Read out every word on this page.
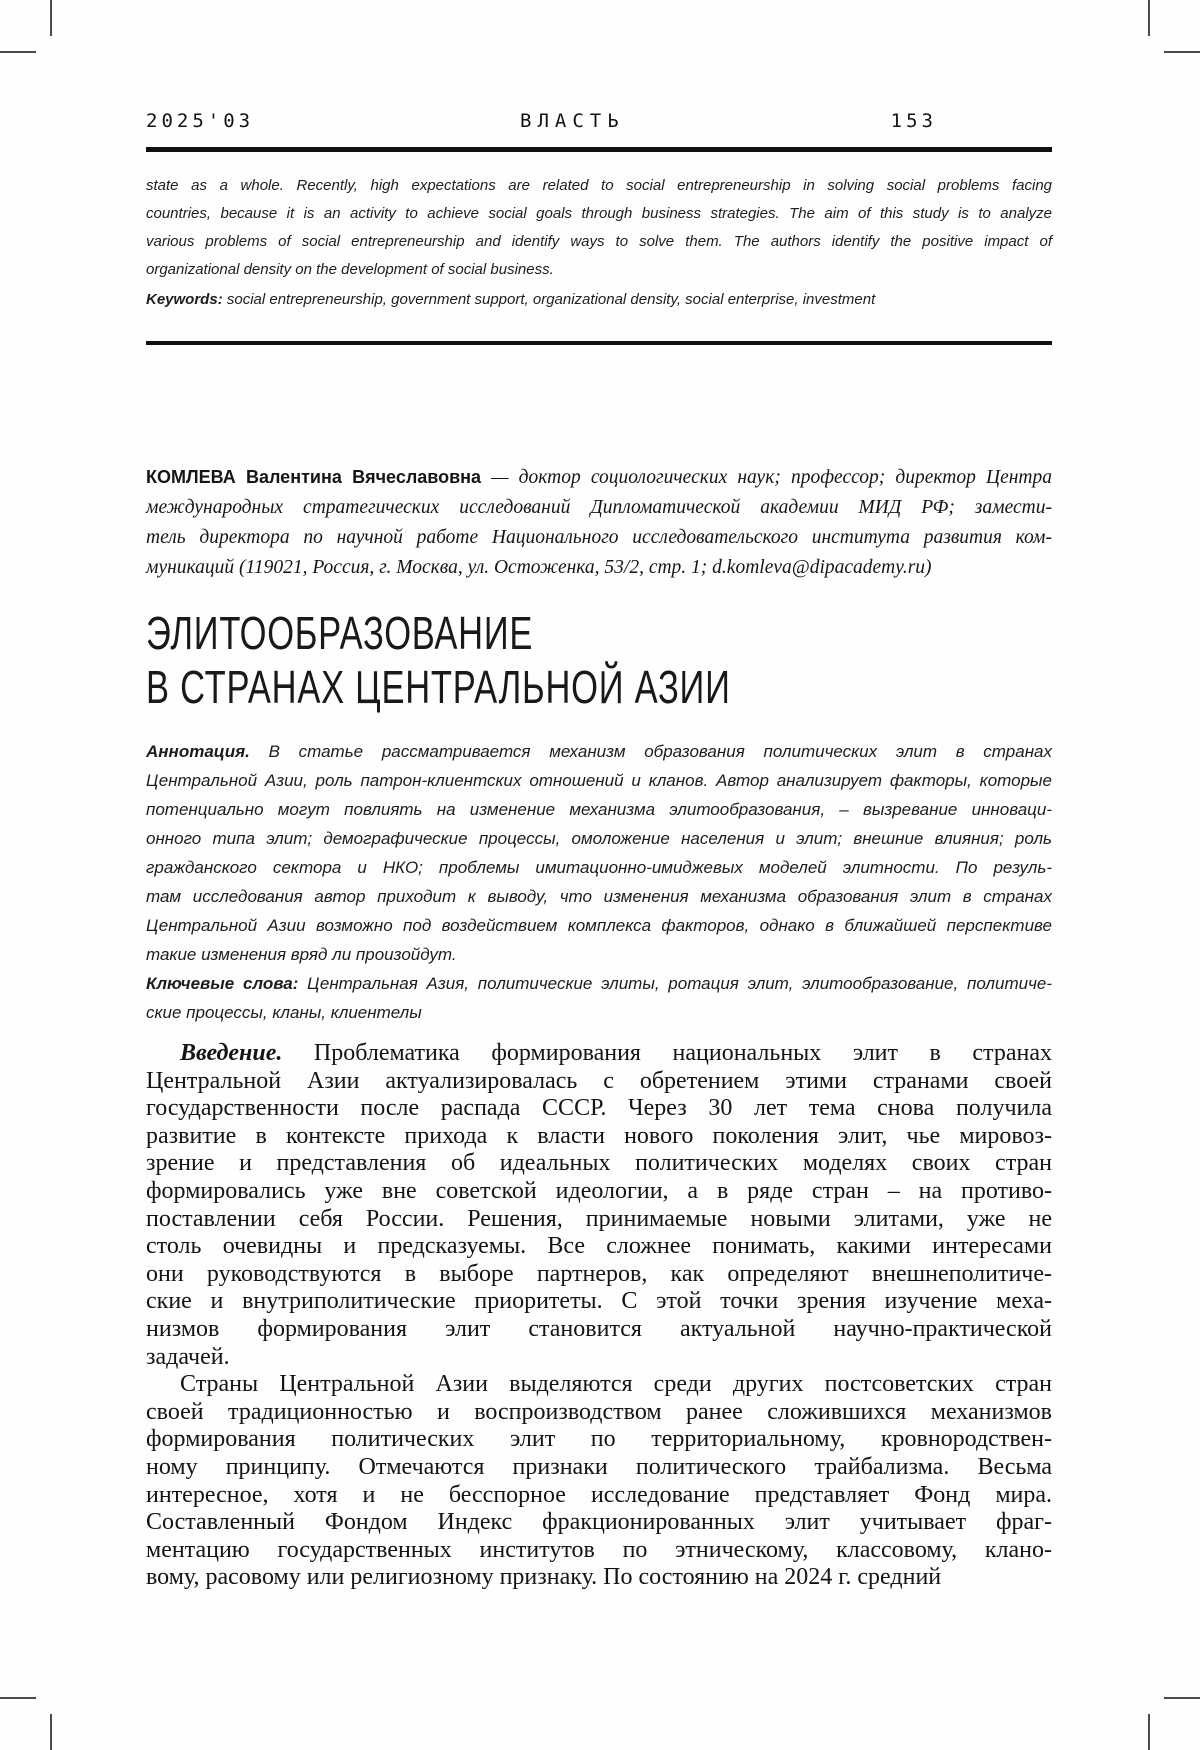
2025'03	ВЛАСТЬ	153
state as a whole. Recently, high expectations are related to social entrepreneurship in solving social problems facing
countries, because it is an activity to achieve social goals through business strategies. The aim of this study is to analyze
various problems of social entrepreneurship and identify ways to solve them. The authors identify the positive impact of
organizational density on the development of social business.
Keywords: social entrepreneurship, government support, organizational density, social enterprise, investment
КОМЛЕВА Валентина Вячеславовна — доктор социологических наук; профессор; директор Центра
международных стратегических исследований Дипломатической академии МИД РФ; замести-
тель директора по научной работе Национального исследовательского института развития ком-
муникаций (119021, Россия, г. Москва, ул. Остоженка, 53/2, стр. 1; d.komleva@dipacademy.ru)
ЭЛИТООБРАЗОВАНИЕ
В СТРАНАХ ЦЕНТРАЛЬНОЙ АЗИИ
Аннотация. В статье рассматривается механизм образования политических элит в странах
Центральной Азии, роль патрон-клиентских отношений и кланов. Автор анализирует факторы, которые
потенциально могут повлиять на изменение механизма элитообразования, – вызревание инноваци-
онного типа элит; демографические процессы, омоложение населения и элит; внешние влияния; роль
гражданского сектора и НКО; проблемы имитационно-имиджевых моделей элитности. По резуль-
там исследования автор приходит к выводу, что изменения механизма образования элит в странах
Центральной Азии возможно под воздействием комплекса факторов, однако в ближайшей перспективе
такие изменения вряд ли произойдут.
Ключевые слова: Центральная Азия, политические элиты, ротация элит, элитообразование, политиче-
ские процессы, кланы, клиентелы
Введение. Проблематика формирования национальных элит в странах
Центральной Азии актуализировалась с обретением этими странами своей
государственности после распада СССР. Через 30 лет тема снова получила
развитие в контексте прихода к власти нового поколения элит, чье мировоз-
зрение и представления об идеальных политических моделях своих стран
формировались уже вне советской идеологии, а в ряде стран – на противо-
поставлении себя России. Решения, принимаемые новыми элитами, уже не
столь очевидны и предсказуемы. Все сложнее понимать, какими интересами
они руководствуются в выборе партнеров, как определяют внешнеполитиче-
ские и внутриполитические приоритеты. С этой точки зрения изучение меха-
низмов формирования элит становится актуальной научно-практической
задачей.
Страны Центральной Азии выделяются среди других постсоветских стран
своей традиционностью и воспроизводством ранее сложившихся механизмов
формирования политических элит по территориальному, кровнородствен-
ному принципу. Отмечаются признаки политического трайбализма. Весьма
интересное, хотя и не бесспорное исследование представляет Фонд мира.
Составленный Фондом Индекс фракционированных элит учитывает фраг-
ментацию государственных институтов по этническому, классовому, клано-
вому, расовому или религиозному признаку. По состоянию на 2024 г. средний
